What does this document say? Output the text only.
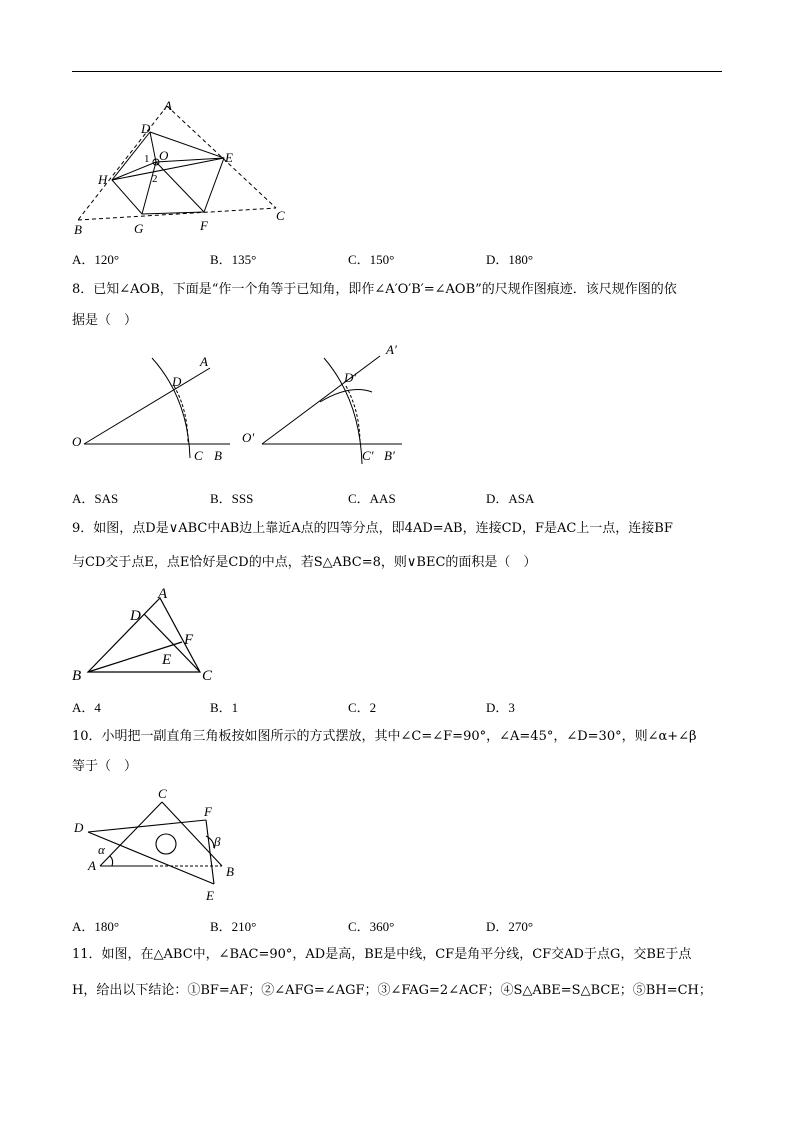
A
D
O
1
2
E
H
C
B	G	F
A．120°	B．135°	C．150°	D．180°
8．已知∠AOB，下面是“作一个角等于已知角，即作∠A′O′B′=∠AOB”的尺规作图痕迹．该尺规作图的依
据是（　）
A
D
O
C B
A′
D′
O′
C′ B′
A．SAS	B．SSS	C．AAS	D．ASA
9．如图，点D是∨ABC中AB边上靠近A点的四等分点，即4AD=AB，连接CD，F是AC上一点，连接BF
与CD交于点E，点E恰好是CD的中点，若S△ABC=8，则∨BEC的面积是（　）
A
D
F
E
B	C
A．4	B．1	C．2	D．3
10．小明把一副直角三角板按如图所示的方式摆放，其中∠C=∠F=90°，∠A=45°，∠D=30°，则∠α+∠β
等于（　）
C
F
D
β
α
A	B
E
A．180°	B．210°	C．360°	D．270°
11．如图，在△ABC中，∠BAC=90°，AD是高，BE是中线，CF是角平分线，CF交AD于点G，交BE于点
H，给出以下结论：①BF=AF；②∠AFG=∠AGF；③∠FAG=2∠ACF；④S△ABE=S△BCE；⑤BH=CH；
